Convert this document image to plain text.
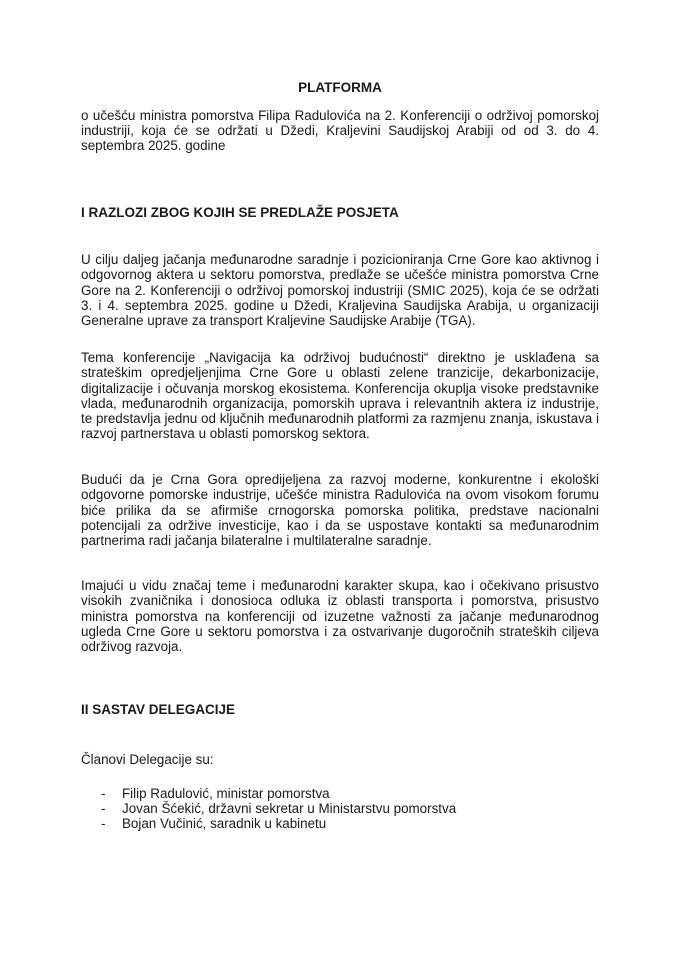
PLATFORMA
o učešću ministra pomorstva Filipa Radulovića na 2. Konferenciji o održivoj pomorskoj industriji, koja će se održati u Džedi, Kraljevini Saudijskoj Arabiji od od 3. do 4. septembra 2025. godine
I RAZLOZI ZBOG KOJIH SE PREDLAŽE POSJETA

U cilju daljeg jačanja međunarodne saradnje i pozicioniranja Crne Gore kao aktivnog i odgovornog aktera u sektoru pomorstva, predlaže se učešće ministra pomorstva Crne Gore na 2. Konferenciji o održivoj pomorskoj industriji (SMIC 2025), koja će se održati 3. i 4. septembra 2025. godine u Džedi, Kraljevina Saudijska Arabija, u organizaciji Generalne uprave za transport Kraljevine Saudijske Arabije (TGA).

Tema konferencije „Navigacija ka održivoj budućnosti“ direktno je usklađena sa strateškim opredjeljenjima Crne Gore u oblasti zelene tranzicije, dekarbonizacije, digitalizacije i očuvanja morskog ekosistema. Konferencija okuplja visoke predstavnike vlada, međunarodnih organizacija, pomorskih uprava i relevantnih aktera iz industrije, te predstavlja jednu od ključnih međunarodnih platformi za razmjenu znanja, iskustava i razvoj partnerstava u oblasti pomorskog sektora.

Budući da je Crna Gora opredijeljena za razvoj moderne, konkurentne i ekološki odgovorne pomorske industrije, učešće ministra Radulovića na ovom visokom forumu biće prilika da se afirmiše crnogorska pomorska politika, predstave nacionalni potencijali za održive investicije, kao i da se uspostave kontakti sa međunarodnim partnerima radi jačanja bilateralne i multilateralne saradnje.

Imajući u vidu značaj teme i međunarodni karakter skupa, kao i očekivano prisustvo visokih zvaničnika i donosioca odluka iz oblasti transporta i pomorstva, prisustvo ministra pomorstva na konferenciji od izuzetne važnosti za jačanje međunarodnog ugleda Crne Gore u sektoru pomorstva i za ostvarivanje dugoročnih strateških ciljeva održivog razvoja.

II SASTAV DELEGACIJE
Članovi Delegacije su:
- Filip Radulović, ministar pomorstva
- Jovan Šćekić, državni sekretar u Ministarstvu pomorstva
- Bojan Vučinić, saradnik u kabinetu
